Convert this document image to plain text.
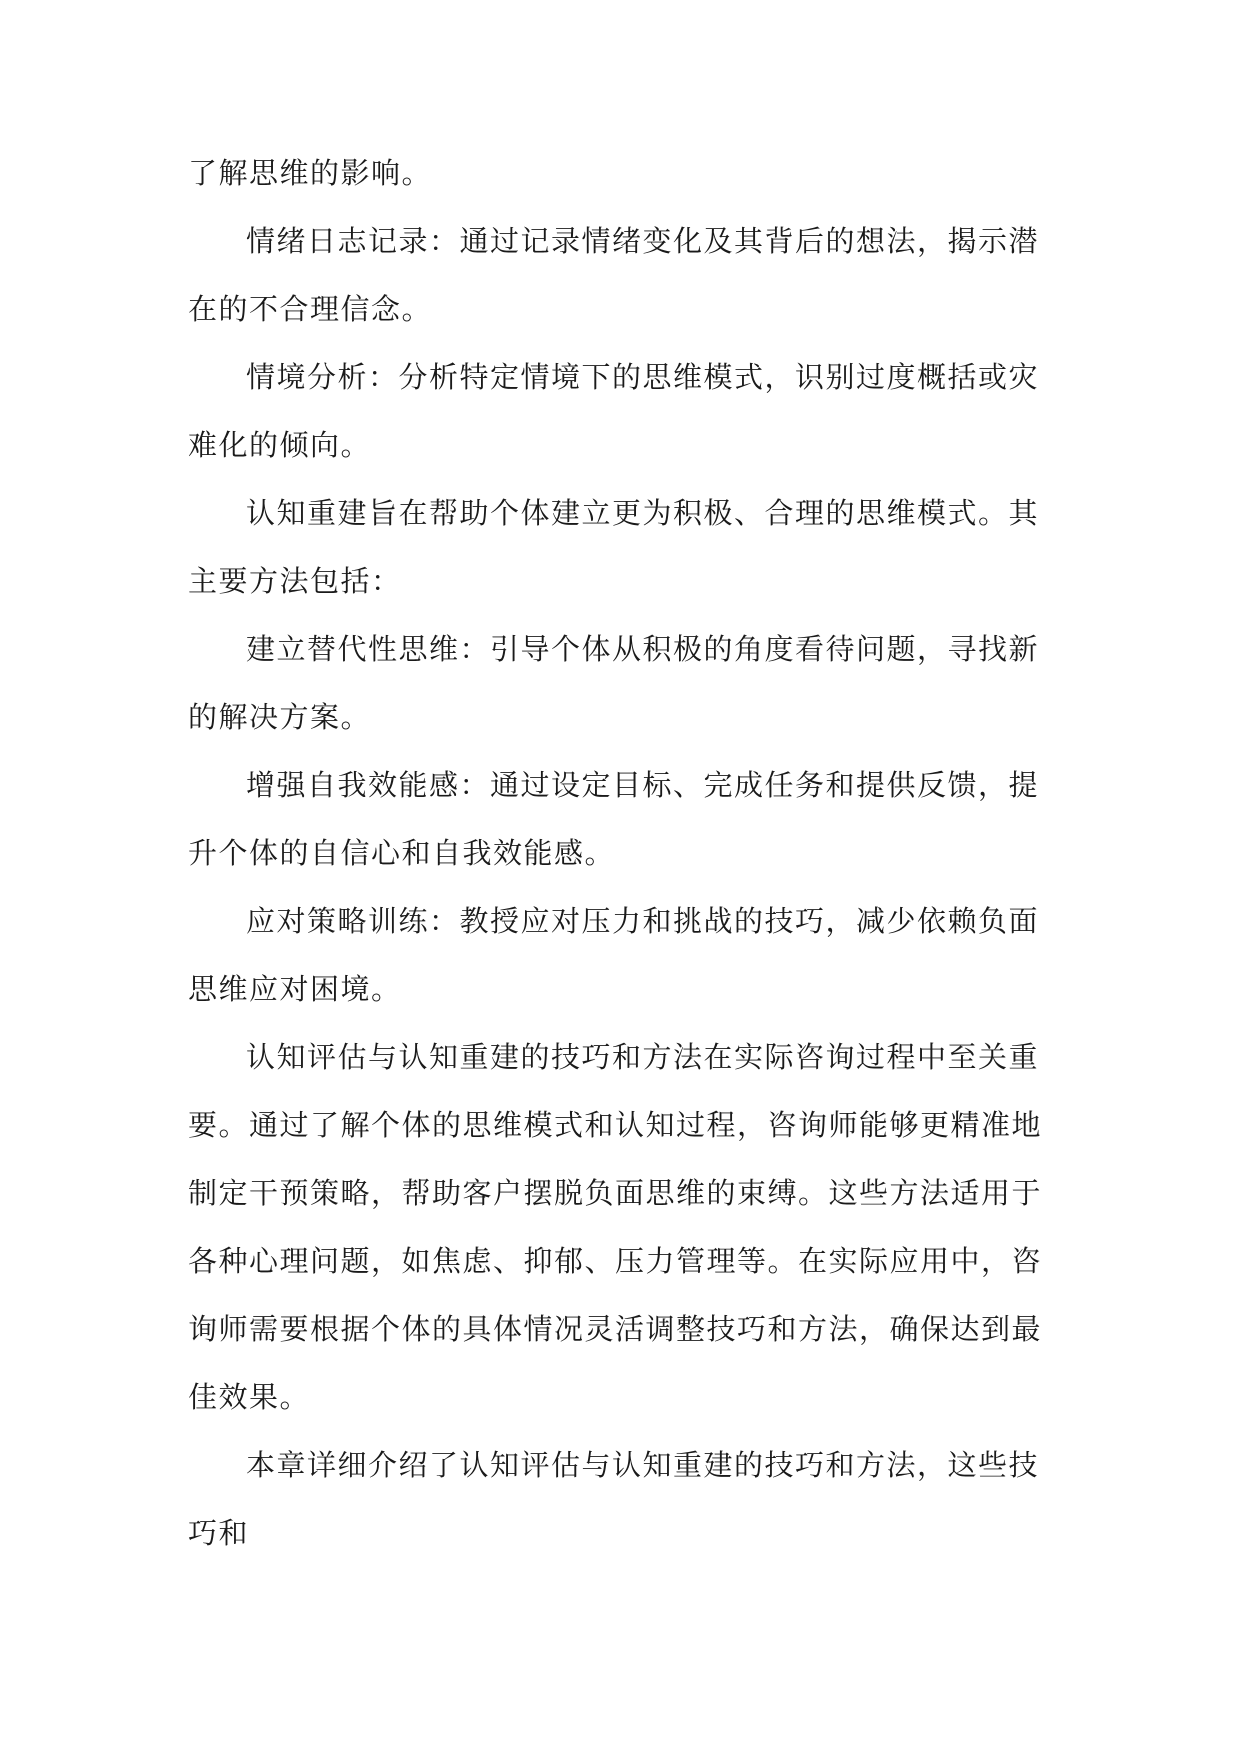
了解思维的影响。

情绪日志记录：通过记录情绪变化及其背后的想法，揭示潜在的不合理信念。

情境分析：分析特定情境下的思维模式，识别过度概括或灾难化的倾向。

认知重建旨在帮助个体建立更为积极、合理的思维模式。其主要方法包括：

建立替代性思维：引导个体从积极的角度看待问题，寻找新的解决方案。

增强自我效能感：通过设定目标、完成任务和提供反馈，提升个体的自信心和自我效能感。

应对策略训练：教授应对压力和挑战的技巧，减少依赖负面思维应对困境。

认知评估与认知重建的技巧和方法在实际咨询过程中至关重要。通过了解个体的思维模式和认知过程，咨询师能够更精准地制定干预策略，帮助客户摆脱负面思维的束缚。这些方法适用于各种心理问题，如焦虑、抑郁、压力管理等。在实际应用中，咨询师需要根据个体的具体情况灵活调整技巧和方法，确保达到最佳效果。

本章详细介绍了认知评估与认知重建的技巧和方法，这些技巧和
